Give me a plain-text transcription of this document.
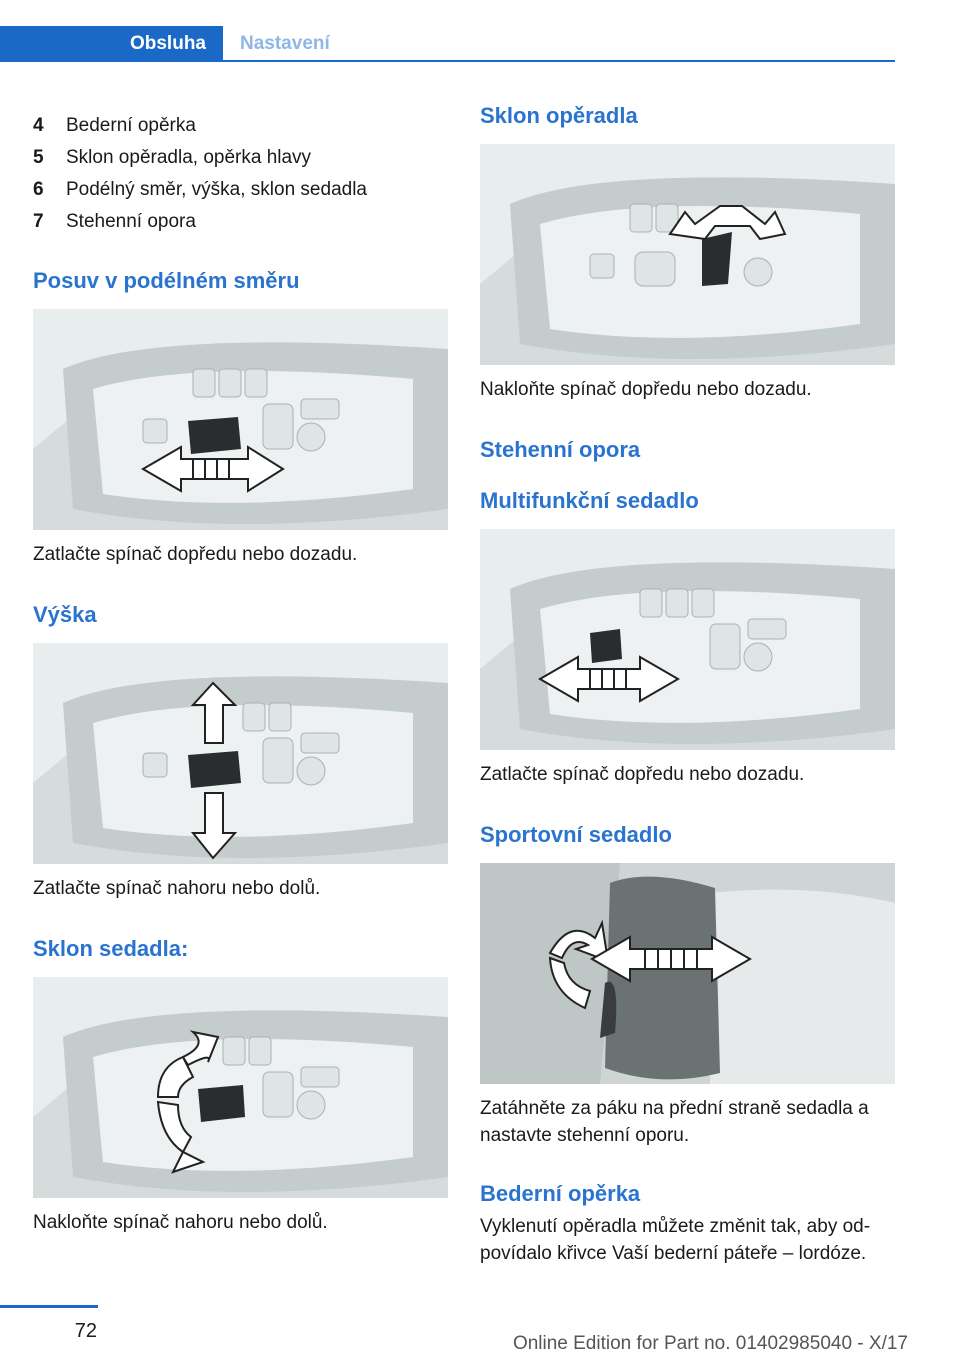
Obsluha	Nastavení
4	Bederní opěrka
5	Sklon opěradla, opěrka hlavy
6	Podélný směr, výška, sklon sedadla
7	Stehenní opora
Posuv v podélném směru
Zatlačte spínač dopředu nebo dozadu.
Výška
Zatlačte spínač nahoru nebo dolů.
Sklon sedadla:
Nakloňte spínač nahoru nebo dolů.
Sklon opěradla
Nakloňte spínač dopředu nebo dozadu.
Stehenní opora
Multifunkční sedadlo
Zatlačte spínač dopředu nebo dozadu.
Sportovní sedadlo
Zatáhněte za páku na přední straně sedadla a
nastavte stehenní oporu.
Bederní opěrka
Vyklenutí opěradla můžete změnit tak, aby od-
povídalo křivce Vaší bederní páteře – lordóze.
72
Online Edition for Part no. 01402985040 - X/17
